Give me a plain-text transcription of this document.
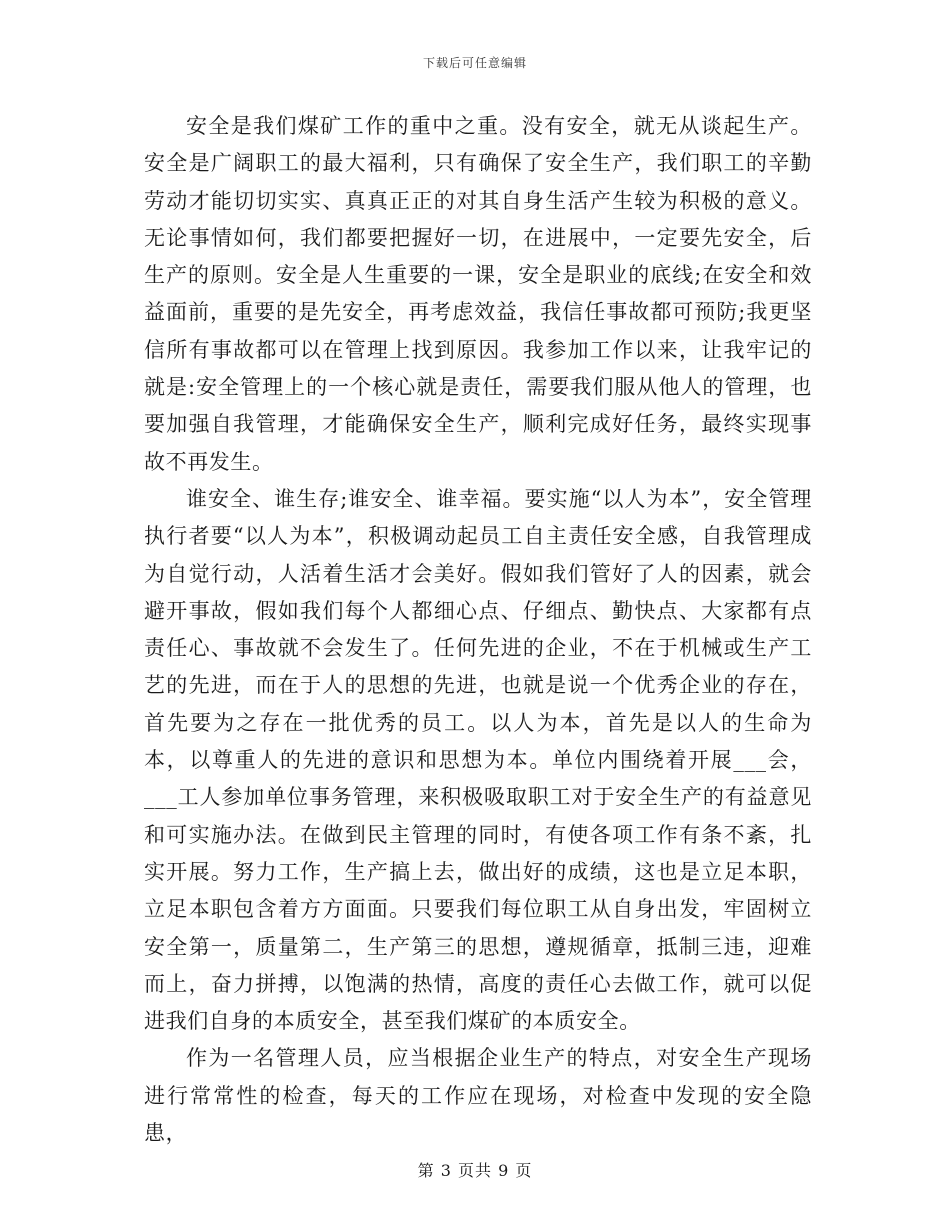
下载后可任意编辑

安全是我们煤矿工作的重中之重。没有安全，就无从谈起生产。安全是广阔职工的最大福利，只有确保了安全生产，我们职工的辛勤劳动才能切切实实、真真正正的对其自身生活产生较为积极的意义。无论事情如何，我们都要把握好一切，在进展中，一定要先安全，后生产的原则。安全是人生重要的一课，安全是职业的底线;在安全和效益面前，重要的是先安全，再考虑效益，我信任事故都可预防;我更坚信所有事故都可以在管理上找到原因。我参加工作以来，让我牢记的就是:安全管理上的一个核心就是责任，需要我们服从他人的管理，也要加强自我管理，才能确保安全生产，顺利完成好任务，最终实现事故不再发生。

谁安全、谁生存;谁安全、谁幸福。要实施“以人为本”，安全管理执行者要“以人为本”，积极调动起员工自主责任安全感，自我管理成为自觉行动，人活着生活才会美好。假如我们管好了人的因素，就会避开事故，假如我们每个人都细心点、仔细点、勤快点、大家都有点责任心、事故就不会发生了。任何先进的企业，不在于机械或生产工艺的先进，而在于人的思想的先进，也就是说一个优秀企业的存在，首先要为之存在一批优秀的员工。以人为本，首先是以人的生命为本，以尊重人的先进的意识和思想为本。单位内围绕着开展___会，___工人参加单位事务管理，来积极吸取职工对于安全生产的有益意见和可实施办法。在做到民主管理的同时，有使各项工作有条不紊，扎实开展。努力工作，生产搞上去，做出好的成绩，这也是立足本职，立足本职包含着方方面面。只要我们每位职工从自身出发，牢固树立安全第一，质量第二，生产第三的思想，遵规循章，抵制三违，迎难而上，奋力拼搏，以饱满的热情，高度的责任心去做工作，就可以促进我们自身的本质安全，甚至我们煤矿的本质安全。

作为一名管理人员，应当根据企业生产的特点，对安全生产现场进行常常性的检查，每天的工作应在现场，对检查中发现的安全隐患，

第 3 页共 9 页
